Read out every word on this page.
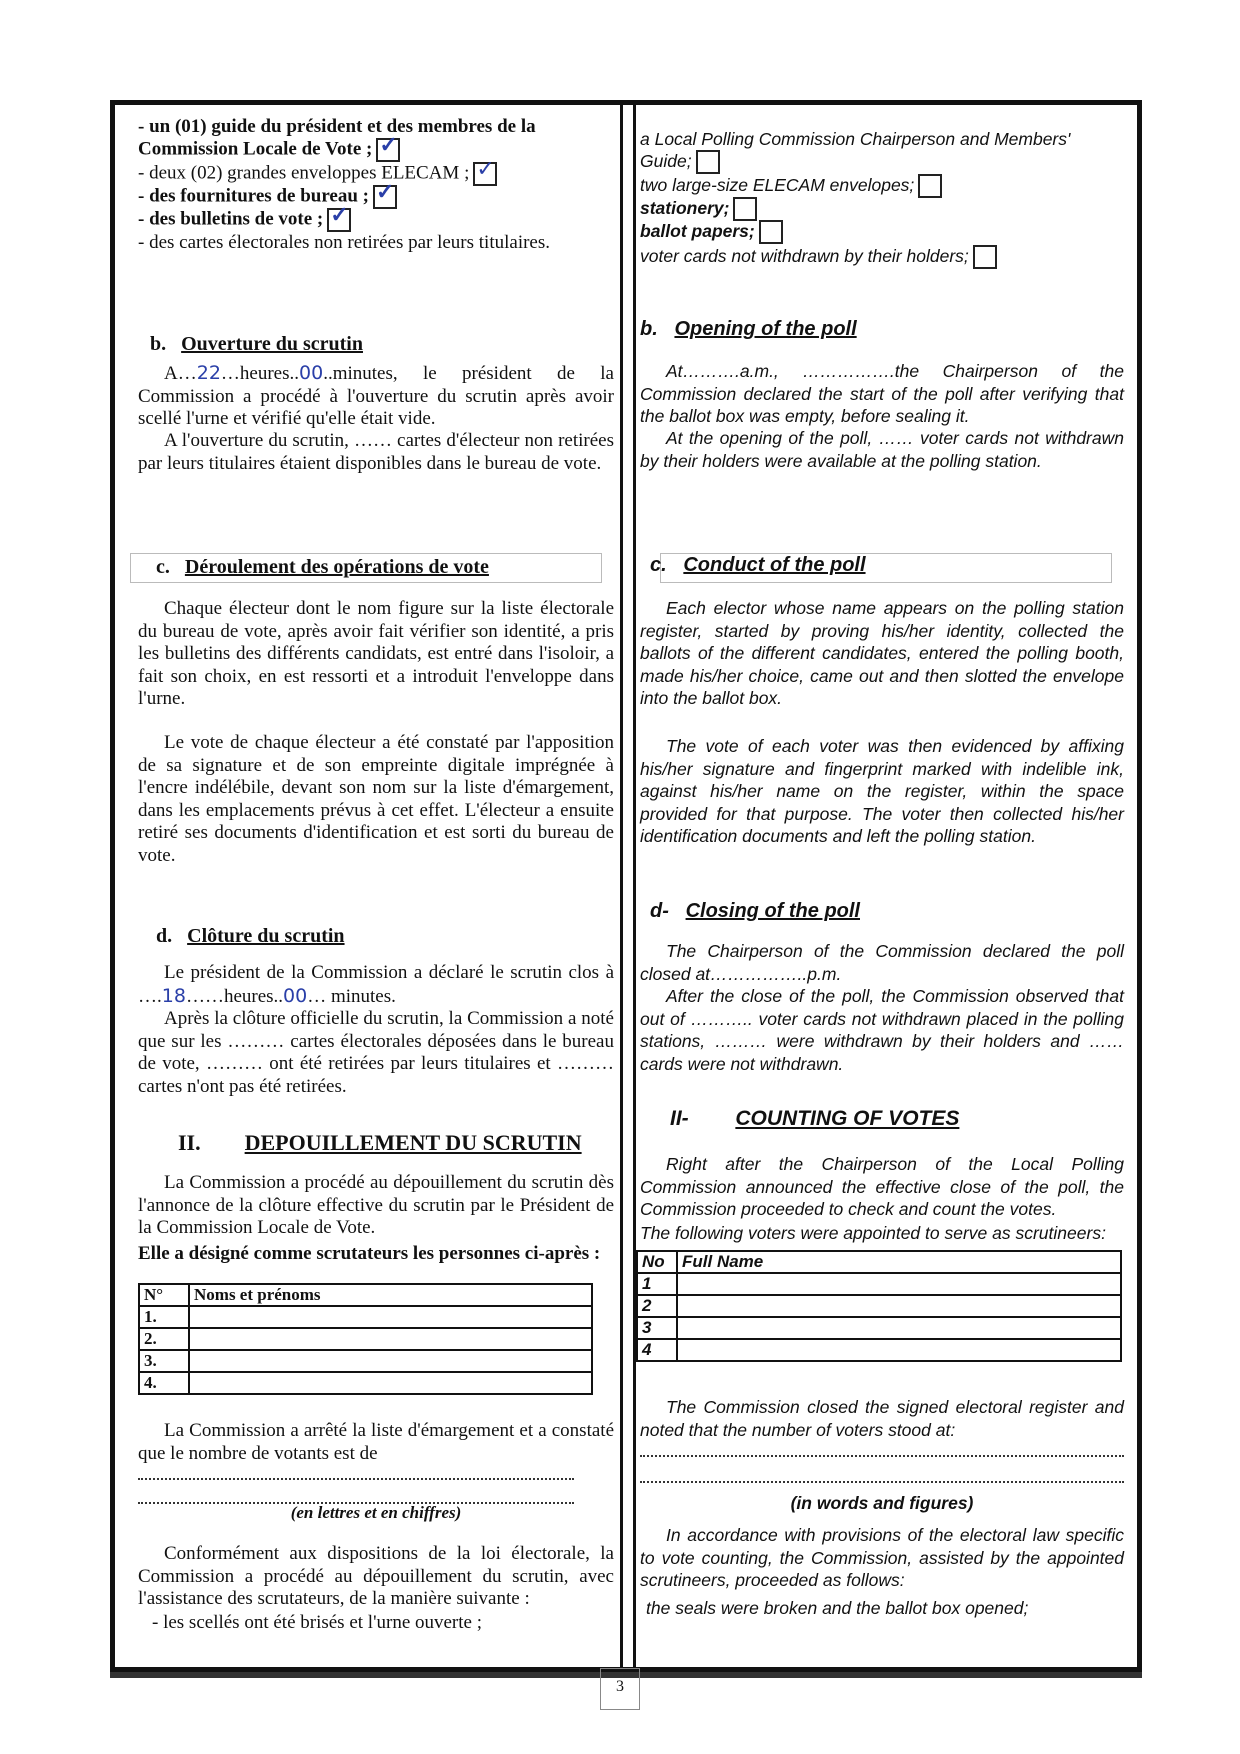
- un (01) guide du président et des membres de la Commission Locale de Vote ;✓
- deux (02) grandes enveloppes ELECAM ;✓
- des fournitures de bureau ;✓
- des bulletins de vote ;✓
- des cartes électorales non retirées par leurs titulaires.
b. Ouverture du scrutin
A…22…heures..00..minutes, le président de la Commission a procédé à l'ouverture du scrutin après avoir scellé l'urne et vérifié qu'elle était vide.
A l'ouverture du scrutin, …… cartes d'électeur non retirées par leurs titulaires étaient disponibles dans le bureau de vote.
c. Déroulement des opérations de vote
Chaque électeur dont le nom figure sur la liste électorale du bureau de vote, après avoir fait vérifier son identité, a pris les bulletins des différents candidats, est entré dans l'isoloir, a fait son choix, en est ressorti et a introduit l'enveloppe dans l'urne.
Le vote de chaque électeur a été constaté par l'apposition de sa signature et de son empreinte digitale imprégnée à l'encre indélébile, devant son nom sur la liste d'émargement, dans les emplacements prévus à cet effet. L'électeur a ensuite retiré ses documents d'identification et est sorti du bureau de vote.
d. Clôture du scrutin
Le président de la Commission a déclaré le scrutin clos à ….18……heures..00… minutes.
Après la clôture officielle du scrutin, la Commission a noté que sur les ……… cartes électorales déposées dans le bureau de vote, ……… ont été retirées par leurs titulaires et ……… cartes n'ont pas été retirées.
II. DEPOUILLEMENT DU SCRUTIN
La Commission a procédé au dépouillement du scrutin dès l'annonce de la clôture effective du scrutin par le Président de la Commission Locale de Vote.
Elle a désigné comme scrutateurs les personnes ci-après :
N°	Noms et prénoms
1.	
2.	
3.	
4.	
La Commission a arrêté la liste d'émargement et a constaté que le nombre de votants est de
(en lettres et en chiffres)
Conformément aux dispositions de la loi électorale, la Commission a procédé au dépouillement du scrutin, avec l'assistance des scrutateurs, de la manière suivante :
- les scellés ont été brisés et l'urne ouverte ;
a Local Polling Commission Chairperson and Members' Guide;
two large-size ELECAM envelopes;
stationery;
ballot papers;
voter cards not withdrawn by their holders;
b. Opening of the poll
At……….a.m., …………….the Chairperson of the Commission declared the start of the poll after verifying that the ballot box was empty, before sealing it.
At the opening of the poll, …… voter cards not withdrawn by their holders were available at the polling station.
c. Conduct of the poll
Each elector whose name appears on the polling station register, started by proving his/her identity, collected the ballots of the different candidates, entered the polling booth, made his/her choice, came out and then slotted the envelope into the ballot box.
The vote of each voter was then evidenced by affixing his/her signature and fingerprint marked with indelible ink, against his/her name on the register, within the space provided for that purpose. The voter then collected his/her identification documents and left the polling station.
d- Closing of the poll
The Chairperson of the Commission declared the poll closed at……………..p.m.
After the close of the poll, the Commission observed that out of ……….. voter cards not withdrawn placed in the polling stations, ……… were withdrawn by their holders and …… cards were not withdrawn.
II- COUNTING OF VOTES
Right after the Chairperson of the Local Polling Commission announced the effective close of the poll, the Commission proceeded to check and count the votes.
The following voters were appointed to serve as scrutineers:
No	Full Name
1	
2	
3	
4	
The Commission closed the signed electoral register and noted that the number of voters stood at:
(in words and figures)
In accordance with provisions of the electoral law specific to vote counting, the Commission, assisted by the appointed scrutineers, proceeded as follows:
the seals were broken and the ballot box opened;
3
